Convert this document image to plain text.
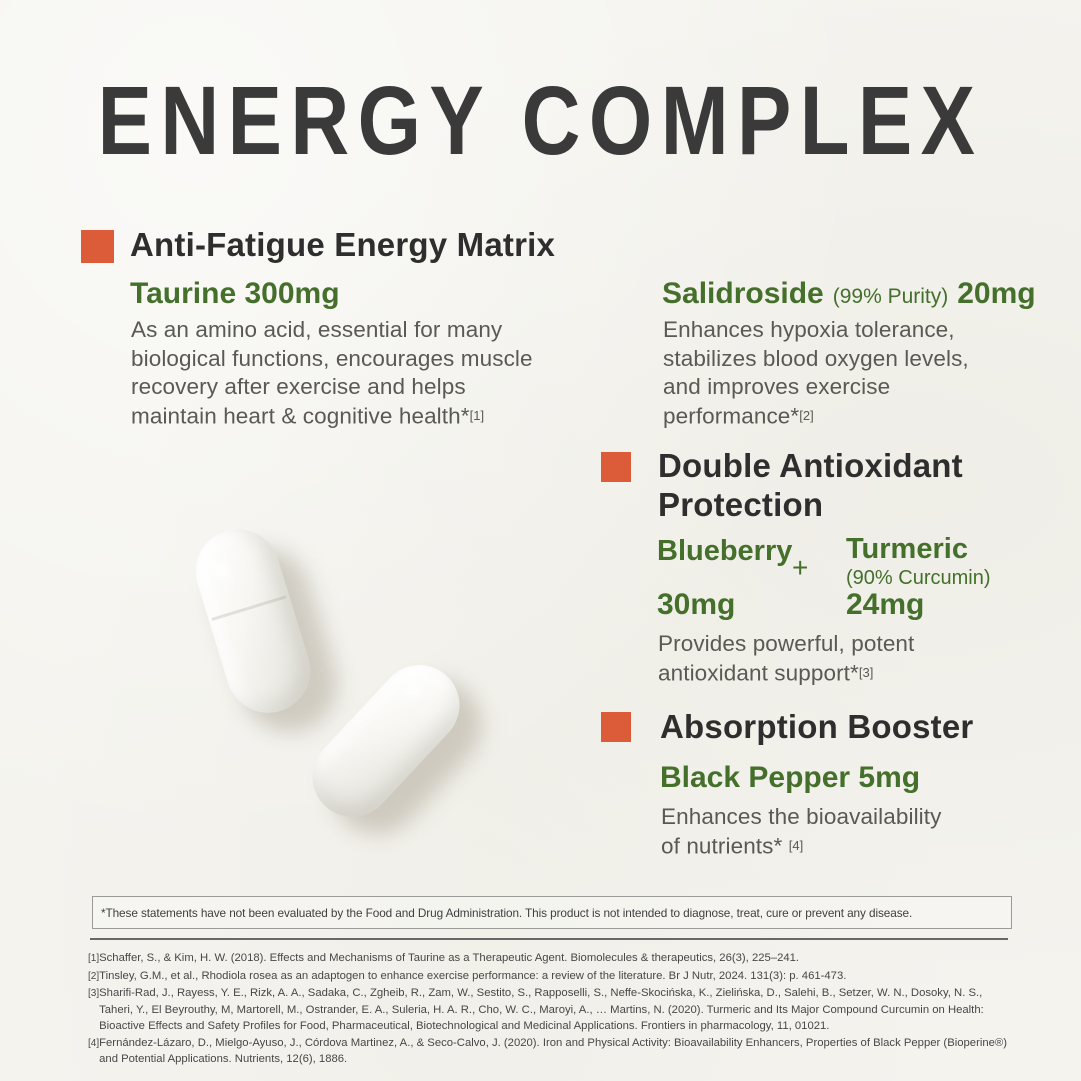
ENERGY COMPLEX
Anti-Fatigue Energy Matrix
Taurine 300mg
As an amino acid, essential for many
biological functions, encourages muscle
recovery after exercise and helps
maintain heart & cognitive health*[1]
Salidroside (99% Purity) 20mg
Enhances hypoxia tolerance,
stabilizes blood oxygen levels,
and improves exercise
performance*[2]
Double Antioxidant
Protection
Blueberry
+
Turmeric
(90% Curcumin)
30mg	24mg
Provides powerful, potent
antioxidant support*[3]
Absorption Booster
Black Pepper 5mg
Enhances the bioavailability
of nutrients* [4]
*These statements have not been evaluated by the Food and Drug Administration. This product is not intended to diagnose, treat, cure or prevent any disease.
[1] Schaffer, S., & Kim, H. W. (2018). Effects and Mechanisms of Taurine as a Therapeutic Agent. Biomolecules & therapeutics, 26(3), 225–241.
[2] Tinsley, G.M., et al., Rhodiola rosea as an adaptogen to enhance exercise performance: a review of the literature. Br J Nutr, 2024. 131(3): p. 461-473.
[3] Sharifi-Rad, J., Rayess, Y. E., Rizk, A. A., Sadaka, C., Zgheib, R., Zam, W., Sestito, S., Rapposelli, S., Neffe-Skocińska, K., Zielińska, D., Salehi, B., Setzer, W. N., Dosoky, N. S., Taheri, Y., El Beyrouthy, M, Martorell, M., Ostrander, E. A., Suleria, H. A. R., Cho, W. C., Maroyi, A., … Martins, N. (2020). Turmeric and Its Major Compound Curcumin on Health: Bioactive Effects and Safety Profiles for Food, Pharmaceutical, Biotechnological and Medicinal Applications. Frontiers in pharmacology, 11, 01021.
[4] Fernández-Lázaro, D., Mielgo-Ayuso, J., Córdova Martinez, A., & Seco-Calvo, J. (2020). Iron and Physical Activity: Bioavailability Enhancers, Properties of Black Pepper (Bioperine®) and Potential Applications. Nutrients, 12(6), 1886.
